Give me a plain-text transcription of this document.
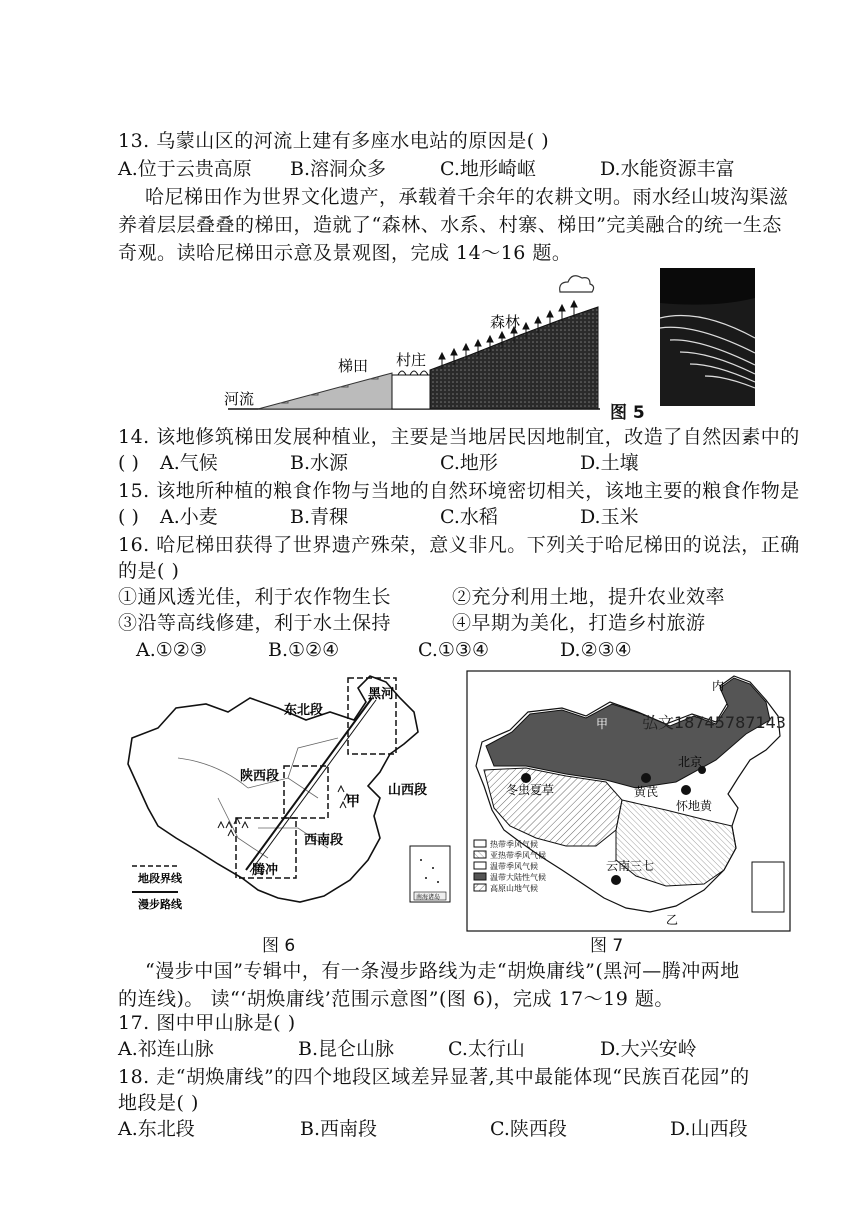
13. 乌蒙山区的河流上建有多座水电站的原因是( )
A.位于云贵高原 B.溶洞众多	C.地形崎岖	D.水能资源丰富
哈尼梯田作为世界文化遗产，承载着千余年的农耕文明。雨水经山坡沟渠滋
养着层层叠叠的梯田，造就了“森林、水系、村寨、梯田”完美融合的统一生态
奇观。读哈尼梯田示意及景观图，完成 14～16 题。
河流
梯田 村庄
森林
图 5
14. 该地修筑梯田发展种植业，主要是当地居民因地制宜，改造了自然因素中的
( ) A.气候	B.水源	C.地形	D.土壤
15. 该地所种植的粮食作物与当地的自然环境密切相关，该地主要的粮食作物是
( ) A.小麦	B.青稞	C.水稻	D.玉米
16. 哈尼梯田获得了世界遗产殊荣，意义非凡。下列关于哈尼梯田的说法，正确
的是( )
①通风透光佳，利于农作物生长	②充分利用土地，提升农业效率
③沿等高线修建，利于水土保持	④早期为美化，打造乡村旅游
A.①②③	B.①②④	C.①③④	D.②③④
南海诸岛
黑河
东北段
陕西段
山西段
甲
西南段
腾冲
地段界线
漫步路线
热带季风气候
亚热带季风气候
温带季风气候
温带大陆性气候
高原山地气候
内
甲
北京
冬虫夏草	黄芪
怀地黄
云南三七
乙
弘文18745787143
图 6	图 7
“漫步中国”专辑中，有一条漫步路线为走“胡焕庸线”(黑河—腾冲两地
的连线)。 读“‘胡焕庸线’范围示意图”(图 6)，完成 17～19 题。
17. 图中甲山脉是( )
A.祁连山脉	B.昆仑山脉	C.太行山	D.大兴安岭
18. 走“胡焕庸线”的四个地段区域差异显著,其中最能体现“民族百花园”的
地段是( )
A.东北段	B.西南段	C.陕西段	D.山西段
